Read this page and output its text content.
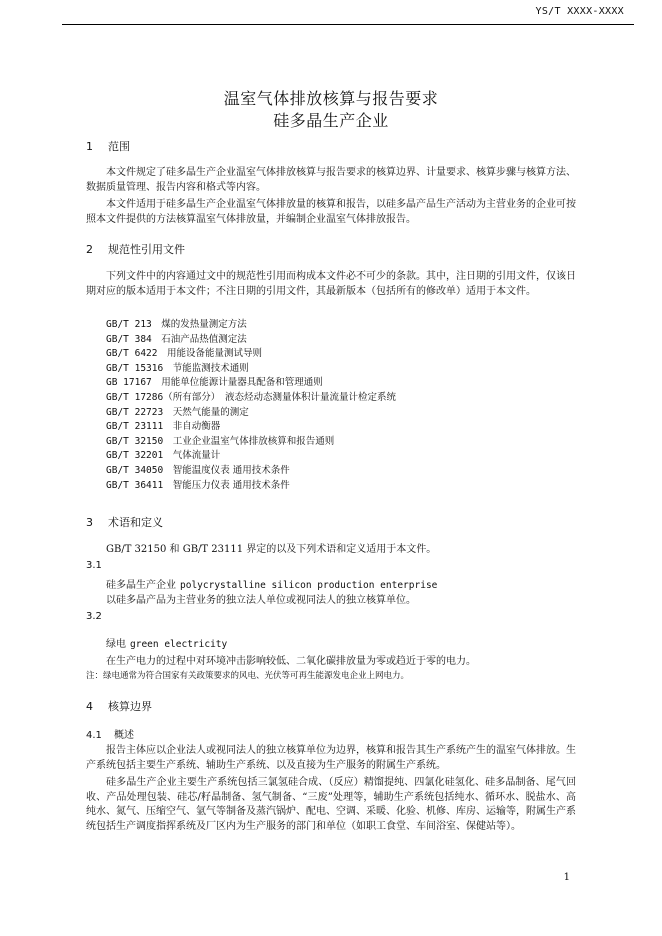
YS/T XXXX-XXXX
温室气体排放核算与报告要求
硅多晶生产企业
1 范围
本文件规定了硅多晶生产企业温室气体排放核算与报告要求的核算边界、计量要求、核算步骤与核算方法、数据质量管理、报告内容和格式等内容。
本文件适用于硅多晶生产企业温室气体排放量的核算和报告，以硅多晶产品生产活动为主营业务的企业可按照本文件提供的方法核算温室气体排放量，并编制企业温室气体排放报告。
2 规范性引用文件
下列文件中的内容通过文中的规范性引用而构成本文件必不可少的条款。其中，注日期的引用文件，仅该日期对应的版本适用于本文件；不注日期的引用文件，其最新版本（包括所有的修改单）适用于本文件。
GB/T 213　 煤的发热量测定方法
GB/T 384　 石油产品热值测定法
GB/T 6422　 用能设备能量测试导则
GB/T 15316　 节能监测技术通则
GB 17167　 用能单位能源计量器具配备和管理通则
GB/T 17286（所有部分）　 液态烃动态测量体积计量流量计检定系统
GB/T 22723　 天然气能量的测定
GB/T 23111　 非自动衡器
GB/T 32150　 工业企业温室气体排放核算和报告通则
GB/T 32201　 气体流量计
GB/T 34050　 智能温度仪表 通用技术条件
GB/T 36411　 智能压力仪表 通用技术条件
3 术语和定义
GB/T 32150 和 GB/T 23111 界定的以及下列术语和定义适用于本文件。
3.1
硅多晶生产企业 polycrystalline silicon production enterprise
以硅多晶产品为主营业务的独立法人单位或视同法人的独立核算单位。
3.2
绿电 green electricity
在生产电力的过程中对环境冲击影响较低、二氧化碳排放量为零或趋近于零的电力。
注：绿电通常为符合国家有关政策要求的风电、光伏等可再生能源发电企业上网电力。
4 核算边界
4.1 概述
报告主体应以企业法人或视同法人的独立核算单位为边界，核算和报告其生产系统产生的温室气体排放。生产系统包括主要生产系统、辅助生产系统、以及直接为生产服务的附属生产系统。
硅多晶生产企业主要生产系统包括三氯氢硅合成、（反应）精馏提纯、四氯化硅氢化、硅多晶制备、尾气回收、产品处理包装、硅芯/籽晶制备、氢气制备、“三废”处理等，辅助生产系统包括纯水、循环水、脱盐水、高纯水、氮气、压缩空气、氩气等制备及蒸汽锅炉、配电、空调、采暖、化验、机修、库房、运输等，附属生产系统包括生产调度指挥系统及厂区内为生产服务的部门和单位（如职工食堂、车间浴室、保健站等）。
1
